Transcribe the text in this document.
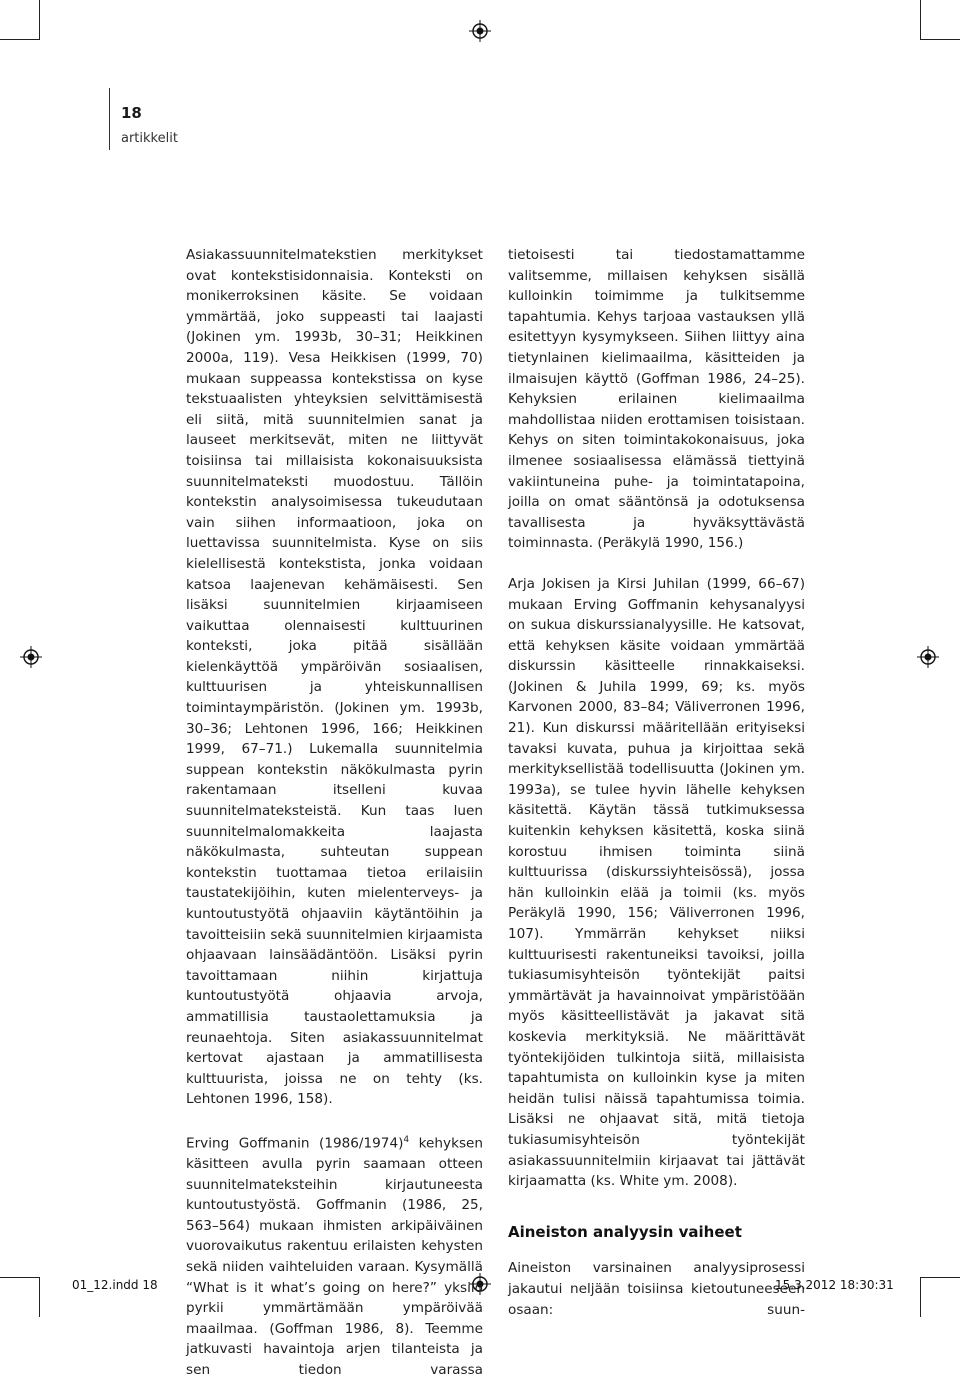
18
artikkelit

Asiakassuunnitelmatekstien merkitykset ovat kontekstisidonnaisia. Konteksti on monikerroksinen käsite. Se voidaan ymmärtää, joko suppeasti tai laajasti (Jokinen ym. 1993b, 30–31; Heikkinen 2000a, 119). Vesa Heikkisen (1999, 70) mukaan suppeassa kontekstissa on kyse tekstuaalisten yhteyksien selvittämisestä eli siitä, mitä suunnitelmien sanat ja lauseet merkitsevät, miten ne liittyvät toisiinsa tai millaisista kokonaisuuksista suunnitelmateksti muodostuu. Tällöin kontekstin analysoimisessa tukeudutaan vain siihen informaatioon, joka on luettavissa suunnitelmista. Kyse on siis kielellisestä kontekstista, jonka voidaan katsoa laajenevan kehämäisesti. Sen lisäksi suunnitelmien kirjaamiseen vaikuttaa olennaisesti kulttuurinen konteksti, joka pitää sisällään kielenkäyttöä ympäröivän sosiaalisen, kulttuurisen ja yhteiskunnallisen toimintaympäristön. (Jokinen ym. 1993b, 30–36; Lehtonen 1996, 166; Heikkinen 1999, 67–71.) Lukemalla suunnitelmia suppean kontekstin näkökulmasta pyrin rakentamaan itselleni kuvaa suunnitelmateksteistä. Kun taas luen suunnitelmalomakkeita laajasta näkökulmasta, suhteutan suppean kontekstin tuottamaa tietoa erilaisiin taustatekijöihin, kuten mielenterveys- ja kuntoutustyötä ohjaaviin käytäntöihin ja tavoitteisiin sekä suunnitelmien kirjaamista ohjaavaan lainsäädäntöön. Lisäksi pyrin tavoittamaan niihin kirjattuja kuntoutustyötä ohjaavia arvoja, ammatillisia taustaolettamuksia ja reunaehtoja. Siten asiakassuunnitelmat kertovat ajastaan ja ammatillisesta kulttuurista, joissa ne on tehty (ks. Lehtonen 1996, 158).

Erving Goffmanin $(1986/1974)^4$ kehyksen käsitteen avulla pyrin saamaan otteen suunnitelmateksteihin kirjautuneesta kuntoutustyöstä. Goffmanin (1986, 25, 563–564) mukaan ihmisten arkipäiväinen vuorovaikutus rakentuu erilaisten kehysten sekä niiden vaihteluiden varaan. Kysymällä “What is it what’s going on here?” yksilö pyrkii ymmärtämään ympäröivää maailmaa. (Goffman 1986, 8). Teemme jatkuvasti havaintoja arjen tilanteista ja sen tiedon varassa

tietoisesti tai tiedostamattamme valitsemme, millaisen kehyksen sisällä kulloinkin toimimme ja tulkitsemme tapahtumia. Kehys tarjoaa vastauksen yllä esitettyyn kysymykseen. Siihen liittyy aina tietynlainen kielimaailma, käsitteiden ja ilmaisujen käyttö (Goffman 1986, 24–25). Kehyksien erilainen kielimaailma mahdollistaa niiden erottamisen toisistaan. Kehys on siten toimintakokonaisuus, joka ilmenee sosiaalisessa elämässä tiettyinä vakiintuneina puhe- ja toimintatapoina, joilla on omat sääntönsä ja odotuksensa tavallisesta ja hyväksyttävästä toiminnasta. (Peräkylä 1990, 156.)

Arja Jokisen ja Kirsi Juhilan (1999, 66–67) mukaan Erving Goffmanin kehysanalyysi on sukua diskurssianalyysille. He katsovat, että kehyksen käsite voidaan ymmärtää diskurssin käsitteelle rinnakkaiseksi. (Jokinen & Juhila 1999, 69; ks. myös Karvonen 2000, 83–84; Väliverronen 1996, 21). Kun diskurssi määritellään erityiseksi tavaksi kuvata, puhua ja kirjoittaa sekä merkityksellistää todellisuutta (Jokinen ym. 1993a), se tulee hyvin lähelle kehyksen käsitettä. Käytän tässä tutkimuksessa kuitenkin kehyksen käsitettä, koska siinä korostuu ihmisen toiminta siinä kulttuurissa (diskurssiyhteisössä), jossa hän kulloinkin elää ja toimii (ks. myös Peräkylä 1990, 156; Väliverronen 1996, 107). Ymmärrän kehykset niiksi kulttuurisesti rakentuneiksi tavoiksi, joilla tukiasumisyhteisön työntekijät paitsi ymmärtävät ja havainnoivat ympäristöään myös käsitteellistävät ja jakavat sitä koskevia merkityksiä. Ne määrittävät työntekijöiden tulkintoja siitä, millaisista tapahtumista on kulloinkin kyse ja miten heidän tulisi näissä tapahtumissa toimia. Lisäksi ne ohjaavat sitä, mitä tietoja tukiasumisyhteisön työntekijät asiakassuunnitelmiin kirjaavat tai jättävät kirjaamatta (ks. White ym. 2008).

Aineiston analyysin vaiheet

Aineiston varsinainen analyysiprosessi jakautui neljään toisiinsa kietoutuneeseen osaan: suun-

01_12.indd 18	15.3.2012 18:30:31
